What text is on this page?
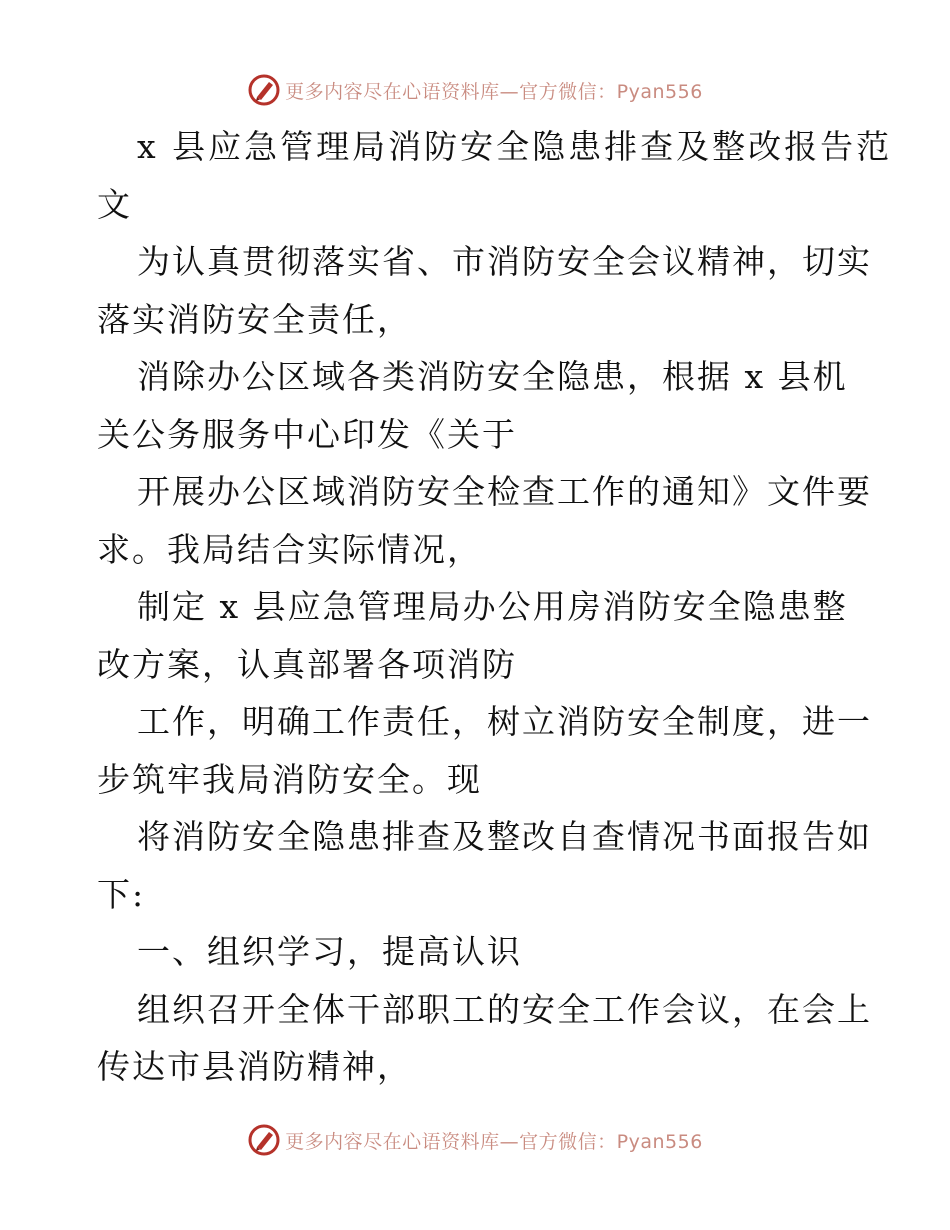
更多内容尽在心语资料库—官方微信：Pyan556
x 县应急管理局消防安全隐患排查及整改报告范
文
为认真贯彻落实省、市消防安全会议精神，切实
落实消防安全责任，
消除办公区域各类消防安全隐患，根据 x 县机
关公务服务中心印发《关于
开展办公区域消防安全检查工作的通知》文件要
求。我局结合实际情况，
制定 x 县应急管理局办公用房消防安全隐患整
改方案，认真部署各项消防
工作，明确工作责任，树立消防安全制度，进一
步筑牢我局消防安全。现
将消防安全隐患排查及整改自查情况书面报告如
下:
一、组织学习，提高认识
组织召开全体干部职工的安全工作会议，在会上
传达市县消防精神，
更多内容尽在心语资料库—官方微信：Pyan556
